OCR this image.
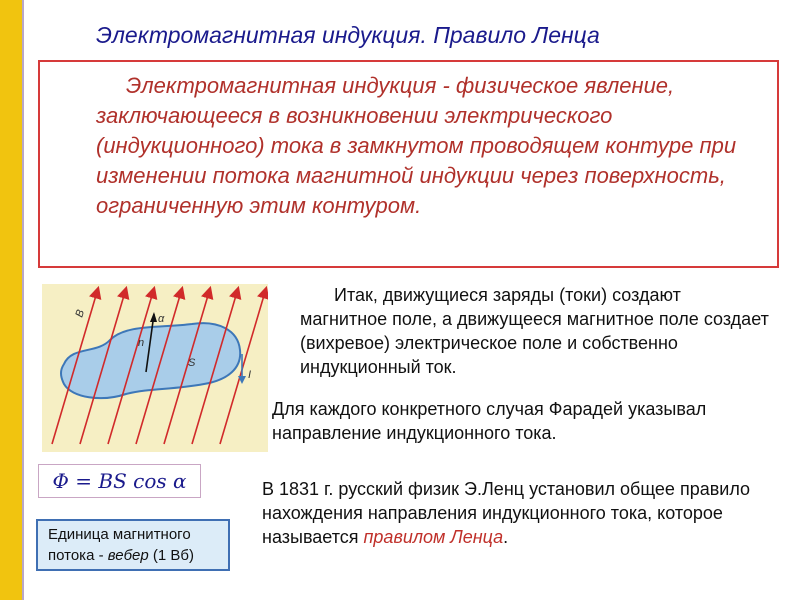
Электромагнитная индукция. Правило Ленца
Электромагнитная индукция - физическое явление, заключающееся в возникновении электрического (индукционного) тока в замкнутом проводящем контуре при изменении потока магнитной индукции через поверхность, ограниченную этим контуром.
B
n
α
S
I
Итак, движущиеся заряды (токи) создают магнитное поле, а движущееся магнитное поле создает (вихревое) электрическое поле и собственно индукционный ток.
Для каждого конкретного случая Фарадей указывал направление индукционного тока.
В 1831 г. русский физик Э.Ленц установил общее правило нахождения направления индукционного тока, которое называется правилом Ленца.
Φ = BS cos α
Единица магнитного
потока - вебер (1 Вб)
